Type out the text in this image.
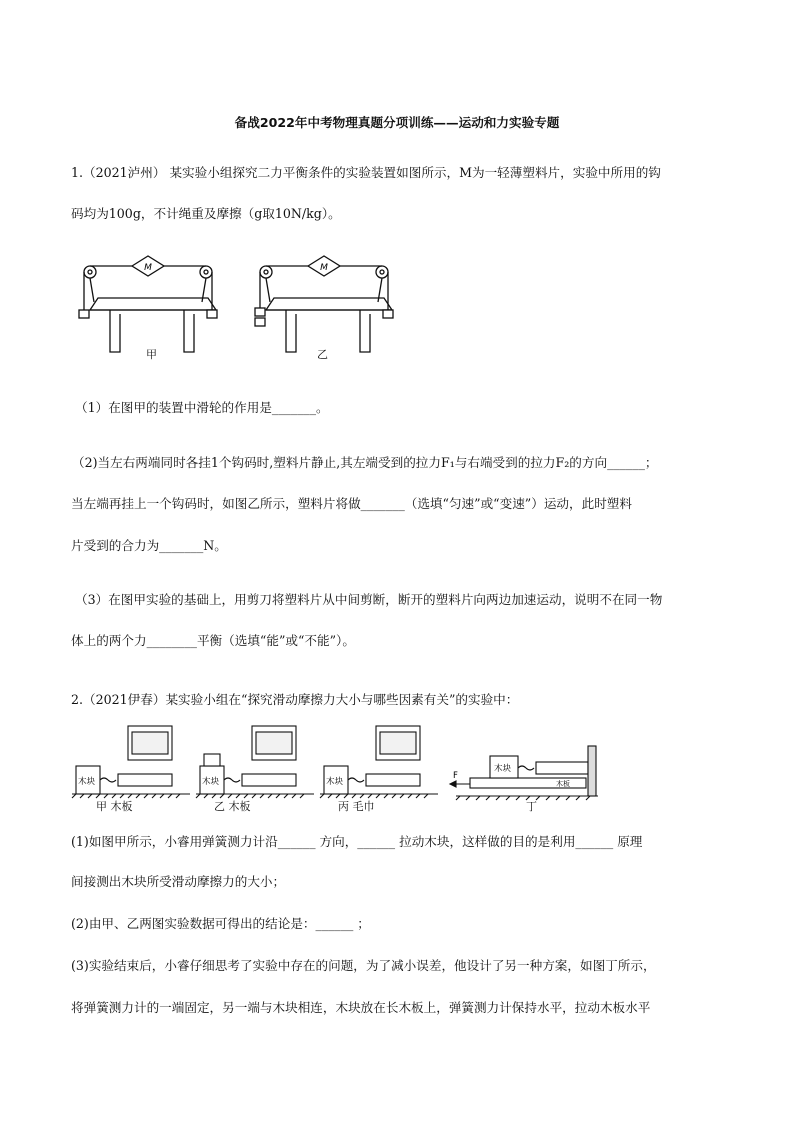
备战2022年中考物理真题分项训练——运动和力实验专题
1.（2021泸州） 某实验小组探究二力平衡条件的实验装置如图所示，M为一轻薄塑料片，实验中所用的钩
码均为100g，不计绳重及摩擦（g取10N/kg）。
M
甲
M
乙
（1）在图甲的装置中滑轮的作用是_______。
（2)当左右两端同时各挂1个钩码时,塑料片静止,其左端受到的拉力F₁与右端受到的拉力F₂的方向______；
当左端再挂上一个钩码时，如图乙所示，塑料片将做_______（选填“匀速”或“变速”）运动，此时塑料
片受到的合力为_______N。
（3）在图甲实验的基础上，用剪刀将塑料片从中间剪断，断开的塑料片向两边加速运动，说明不在同一物
体上的两个力________平衡（选填“能”或“不能”）。
2.（2021伊春）某实验小组在“探究滑动摩擦力大小与哪些因素有关”的实验中：
木块	木块	木块
木块
木板
F
甲 木板	乙 木板	丙 毛巾	丁
(1)如图甲所示，小睿用弹簧测力计沿______ 方向，______ 拉动木块，这样做的目的是利用______ 原理
间接测出木块所受滑动摩擦力的大小；
(2)由甲、乙两图实验数据可得出的结论是：______ ；
(3)实验结束后，小睿仔细思考了实验中存在的问题，为了减小误差，他设计了另一种方案，如图丁所示，
将弹簧测力计的一端固定，另一端与木块相连，木块放在长木板上，弹簧测力计保持水平，拉动木板水平
